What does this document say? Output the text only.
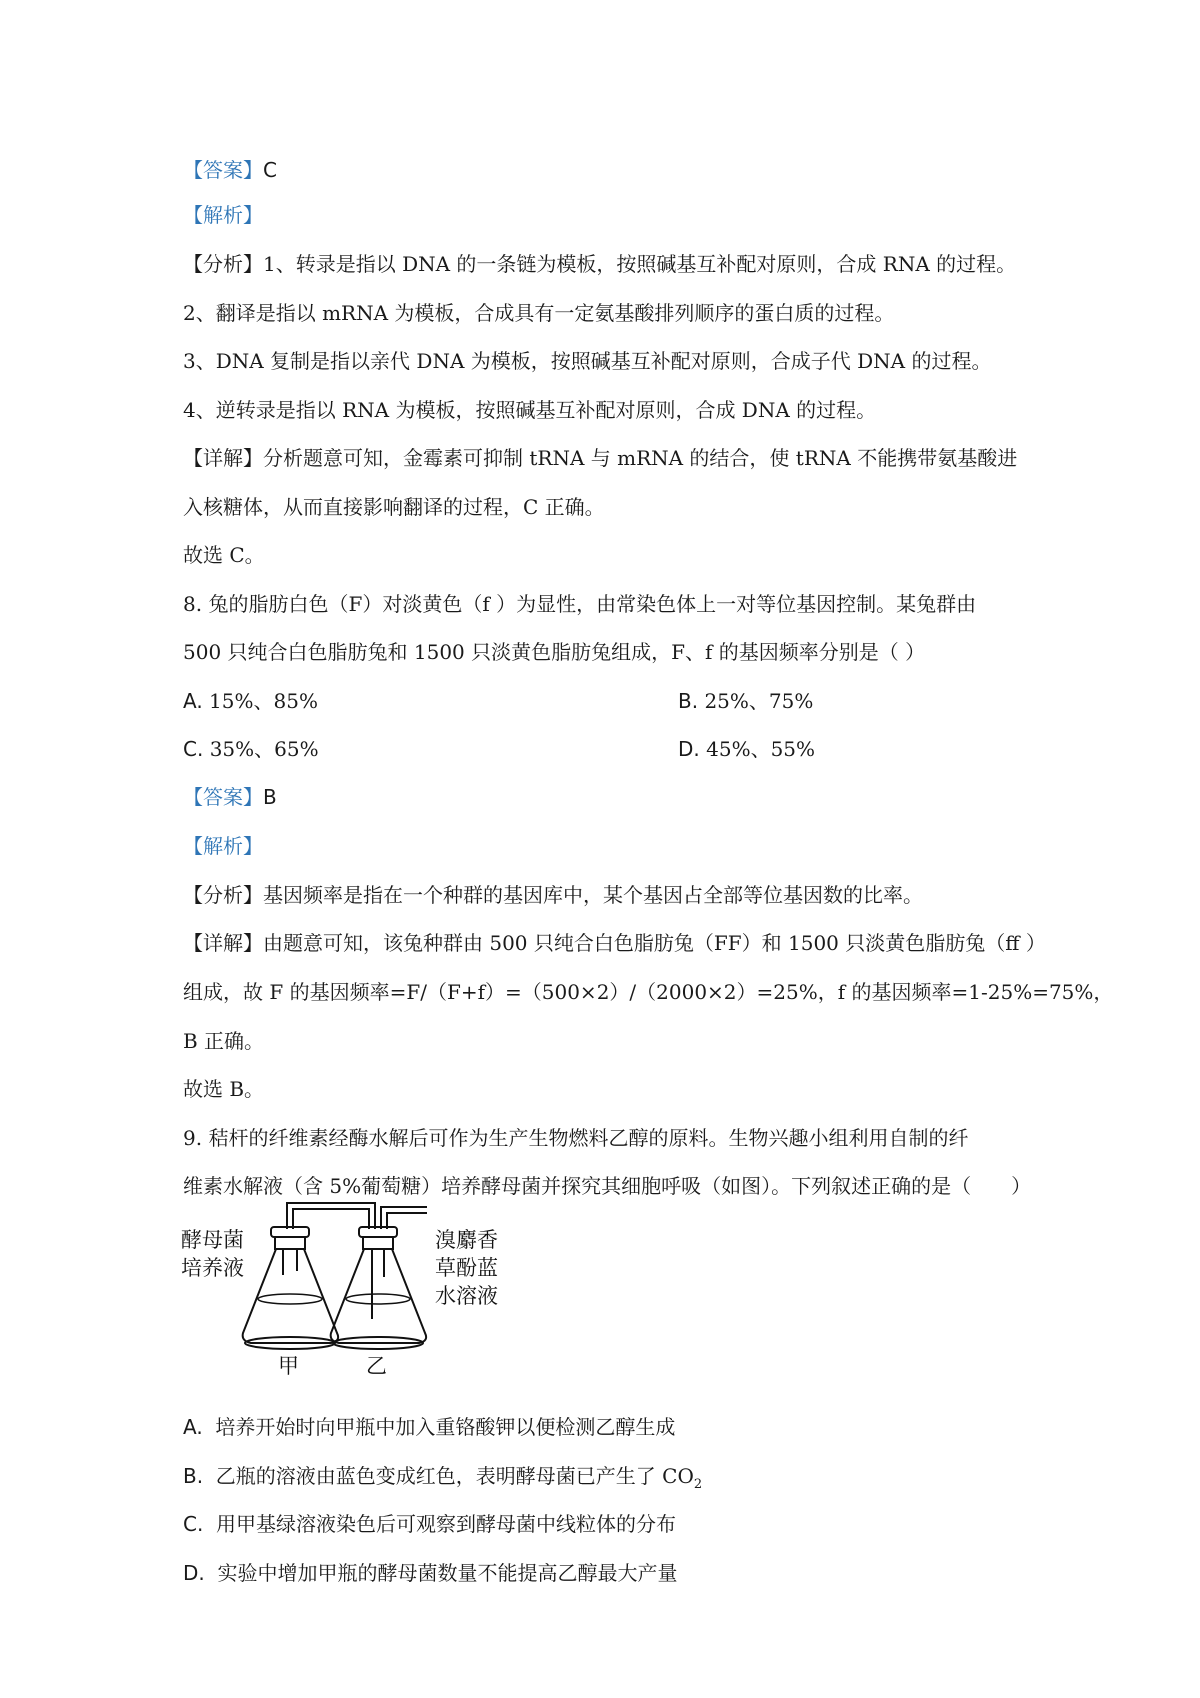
【答案】C
【解析】
【分析】1、转录是指以 DNA 的一条链为模板，按照碱基互补配对原则，合成 RNA 的过程。
2、翻译是指以 mRNA 为模板，合成具有一定氨基酸排列顺序的蛋白质的过程。
3、DNA 复制是指以亲代 DNA 为模板，按照碱基互补配对原则，合成子代 DNA 的过程。
4、逆转录是指以 RNA 为模板，按照碱基互补配对原则，合成 DNA 的过程。
【详解】分析题意可知，金霉素可抑制 tRNA 与 mRNA 的结合，使 tRNA 不能携带氨基酸进
入核糖体，从而直接影响翻译的过程，C 正确。
故选 C。
8. 兔的脂肪白色（F）对淡黄色（f ）为显性，由常染色体上一对等位基因控制。某兔群由
500 只纯合白色脂肪兔和 1500 只淡黄色脂肪兔组成，F、f 的基因频率分别是（ ）
A. 15%、85%	B. 25%、75%
C. 35%、65%	D. 45%、55%
【答案】B
【解析】
【分析】基因频率是指在一个种群的基因库中，某个基因占全部等位基因数的比率。
【详解】由题意可知，该兔种群由 500 只纯合白色脂肪兔（FF）和 1500 只淡黄色脂肪兔（ff ）
组成，故 F 的基因频率=F/（F+f）=（500×2）/（2000×2）=25%，f 的基因频率=1-25%=75%，
B 正确。
故选 B。
9. 秸杆的纤维素经酶水解后可作为生产生物燃料乙醇的原料。生物兴趣小组利用自制的纤
维素水解液（含 5%葡萄糖）培养酵母菌并探究其细胞呼吸（如图）。下列叙述正确的是（　　）
酵母菌
培养液
溴麝香
草酚蓝
水溶液
甲	乙
A. 培养开始时向甲瓶中加入重铬酸钾以便检测乙醇生成
B. 乙瓶的溶液由蓝色变成红色，表明酵母菌已产生了 $CO_2$
C. 用甲基绿溶液染色后可观察到酵母菌中线粒体的分布
D. 实验中增加甲瓶的酵母菌数量不能提高乙醇最大产量
